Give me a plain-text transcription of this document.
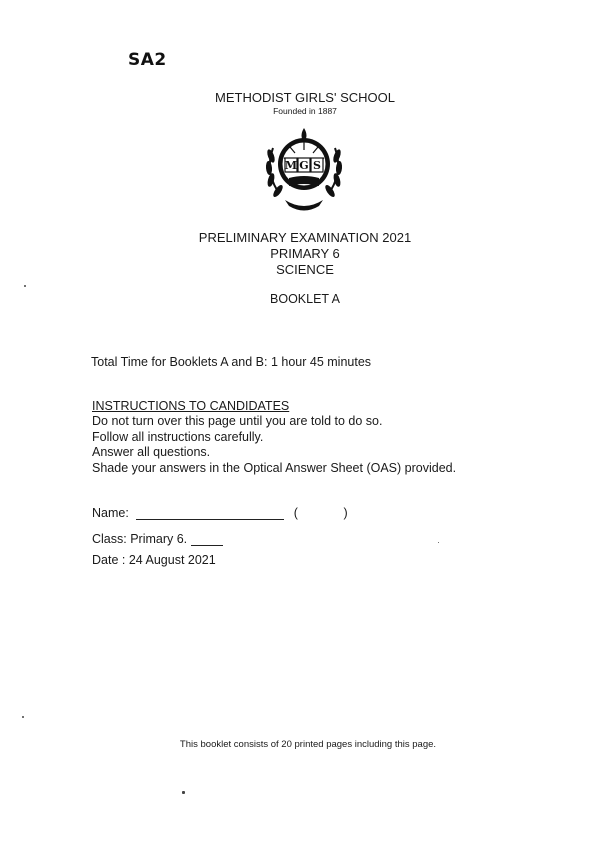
SA2
METHODIST GIRLS' SCHOOL
Founded in 1887
M G S
PRELIMINARY EXAMINATION 2021
PRIMARY 6
SCIENCE
BOOKLET A
Total Time for Booklets A and B: 1 hour 45 minutes
INSTRUCTIONS TO CANDIDATES
Do not turn over this page until you are told to do so.
Follow all instructions carefully.
Answer all questions.
Shade your answers in the Optical Answer Sheet (OAS) provided.
Name:	(	)
Class: Primary 6.
Date : 24 August 2021
This booklet consists of 20 printed pages including this page.
